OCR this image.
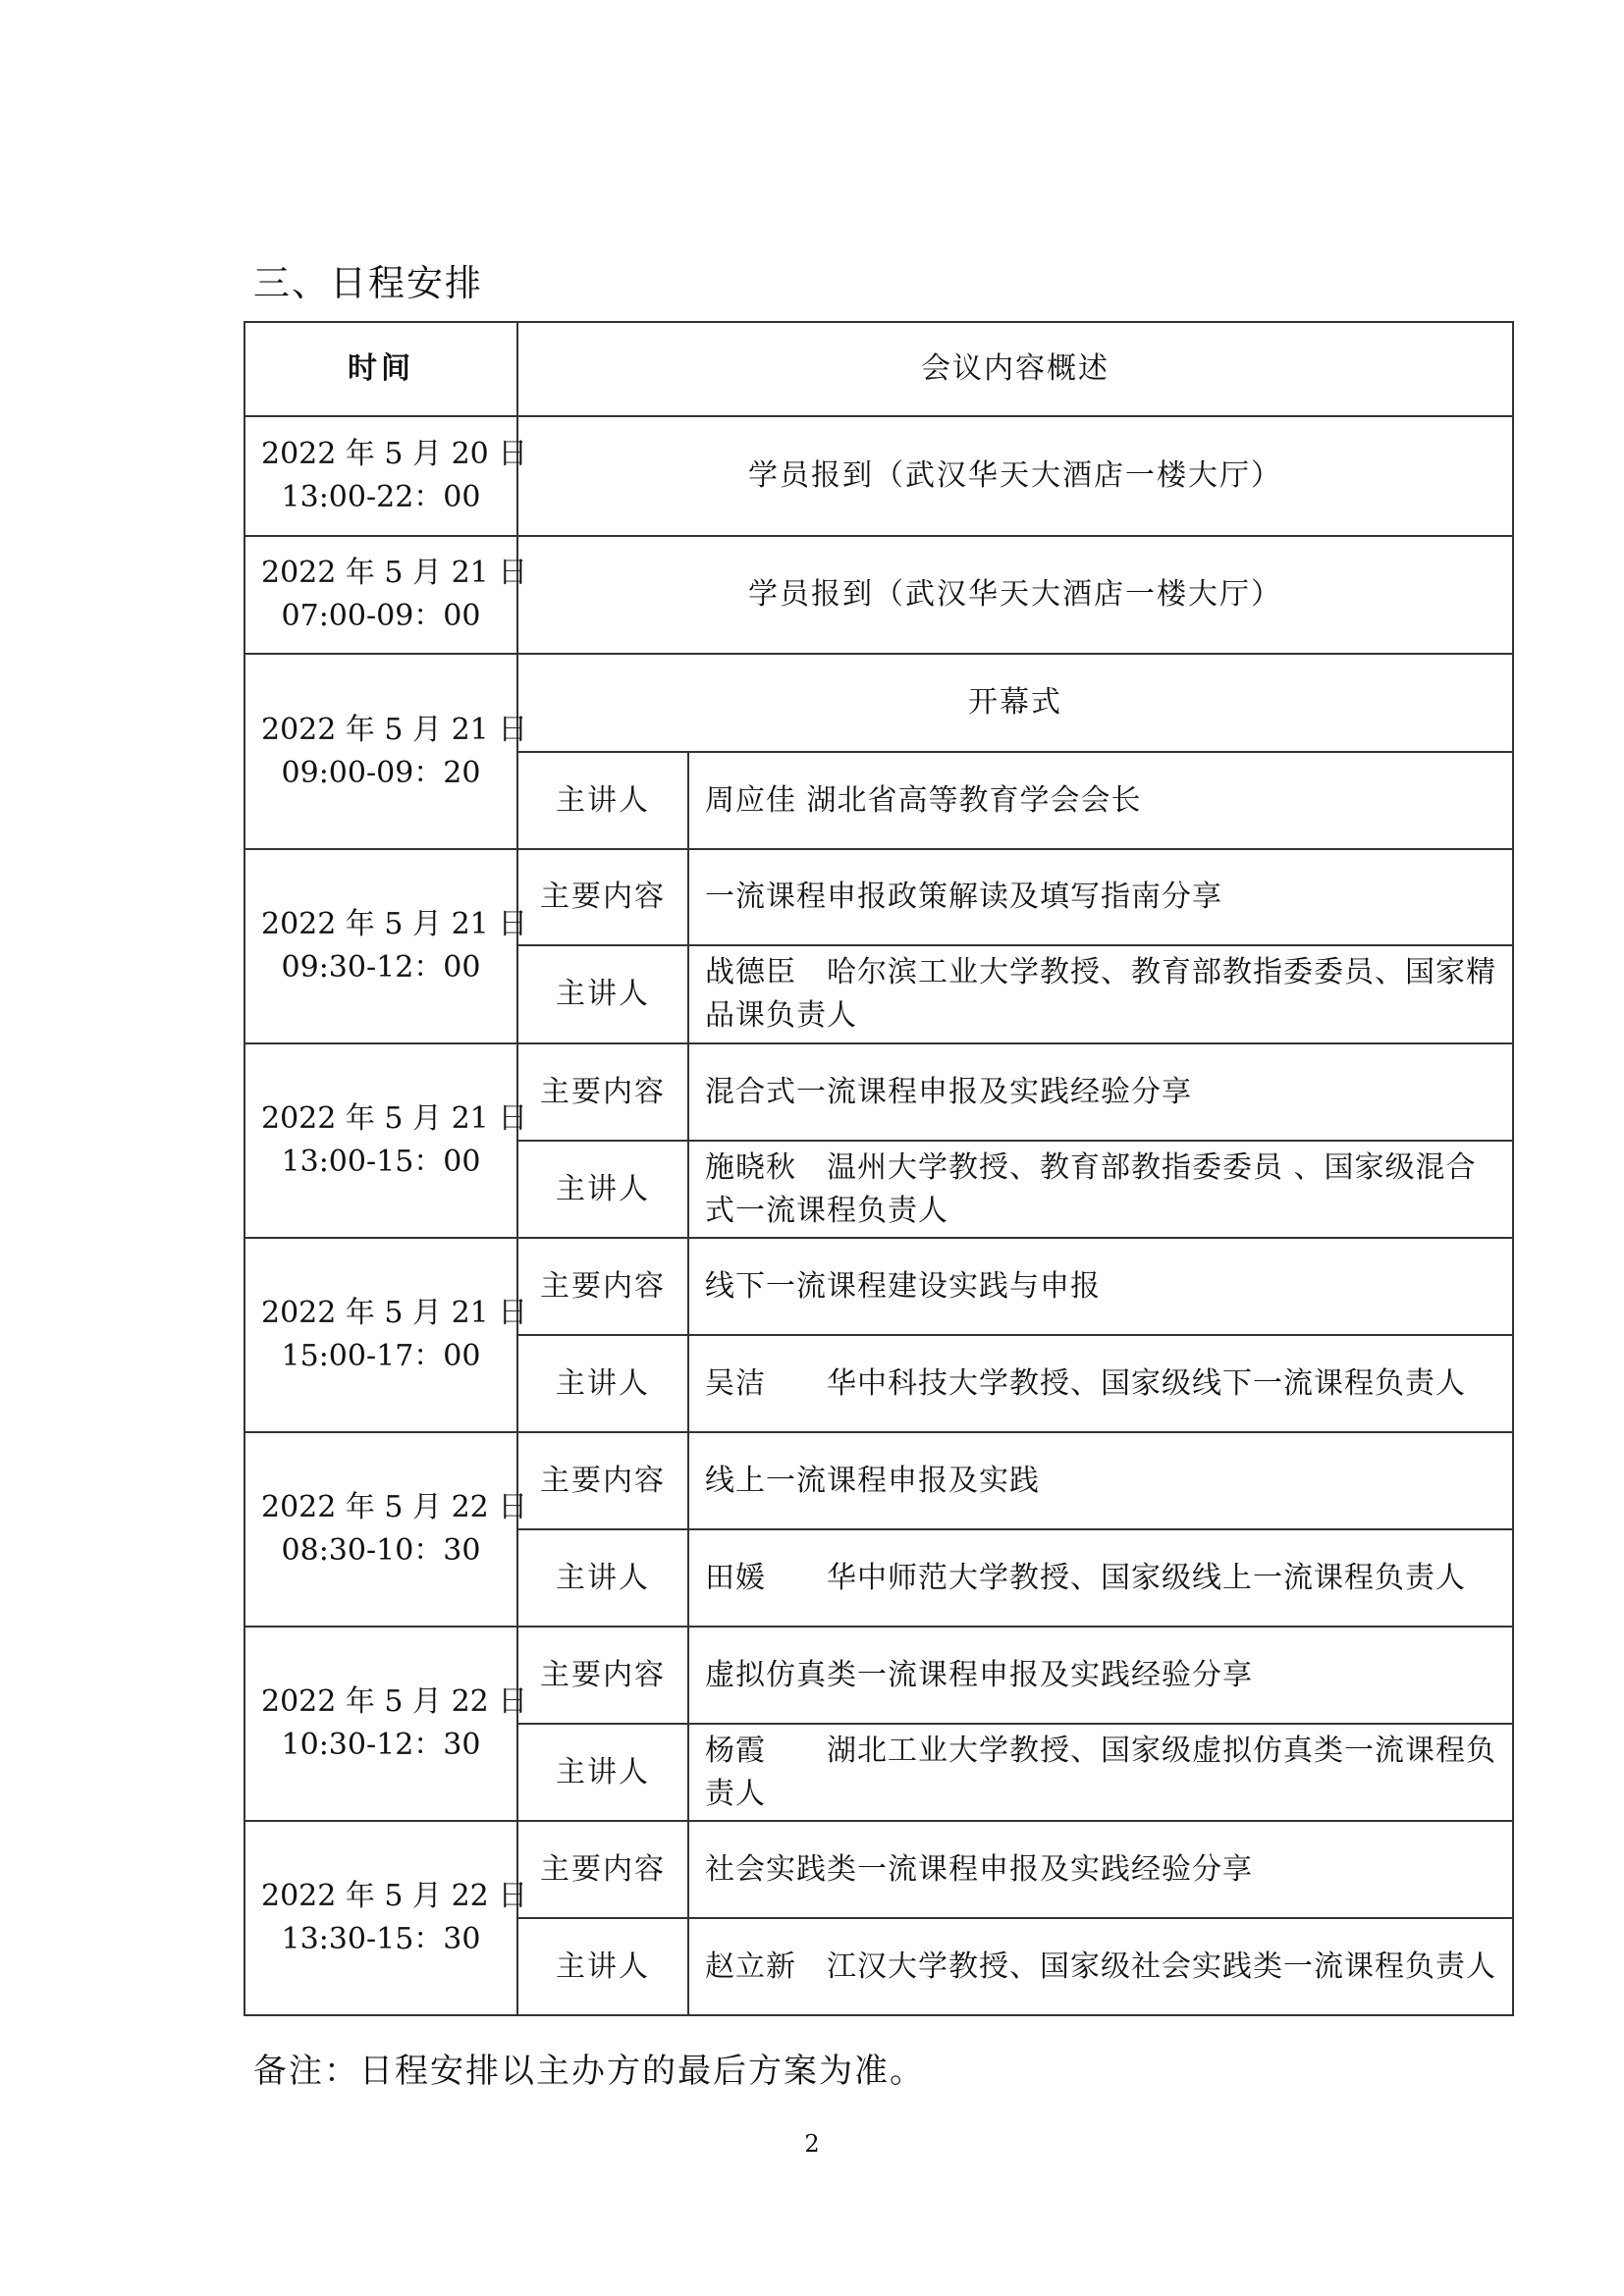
三、日程安排
时间	会议内容概述	

2022 年 5 月 20 日
13:00-22：00	学员报到（武汉华天大酒店一楼大厅）	

2022 年 5 月 21 日
07:00-09：00	学员报到（武汉华天大酒店一楼大厅）	

2022 年 5 月 21 日
09:00-09：20	开幕式	
	主讲人	周应佳 湖北省高等教育学会会长

2022 年 5 月 21 日
09:30-12：00	主要内容	一流课程申报政策解读及填写指南分享
	主讲人	战德臣　哈尔滨工业大学教授、教育部教指委委员、国家精品课负责人

2022 年 5 月 21 日
13:00-15：00	主要内容	混合式一流课程申报及实践经验分享
	主讲人	施晓秋　温州大学教授、教育部教指委委员 、国家级混合式一流课程负责人

2022 年 5 月 21 日
15:00-17：00	主要内容	线下一流课程建设实践与申报
	主讲人	吴洁　　华中科技大学教授、国家级线下一流课程负责人

2022 年 5 月 22 日
08:30-10：30	主要内容	线上一流课程申报及实践
	主讲人	田媛　　华中师范大学教授、国家级线上一流课程负责人

2022 年 5 月 22 日
10:30-12：30	主要内容	虚拟仿真类一流课程申报及实践经验分享
	主讲人	杨霞　　湖北工业大学教授、国家级虚拟仿真类一流课程负责人

2022 年 5 月 22 日
13:30-15：30	主要内容	社会实践类一流课程申报及实践经验分享
	主讲人	赵立新　江汉大学教授、国家级社会实践类一流课程负责人
备注：日程安排以主办方的最后方案为准。
2
